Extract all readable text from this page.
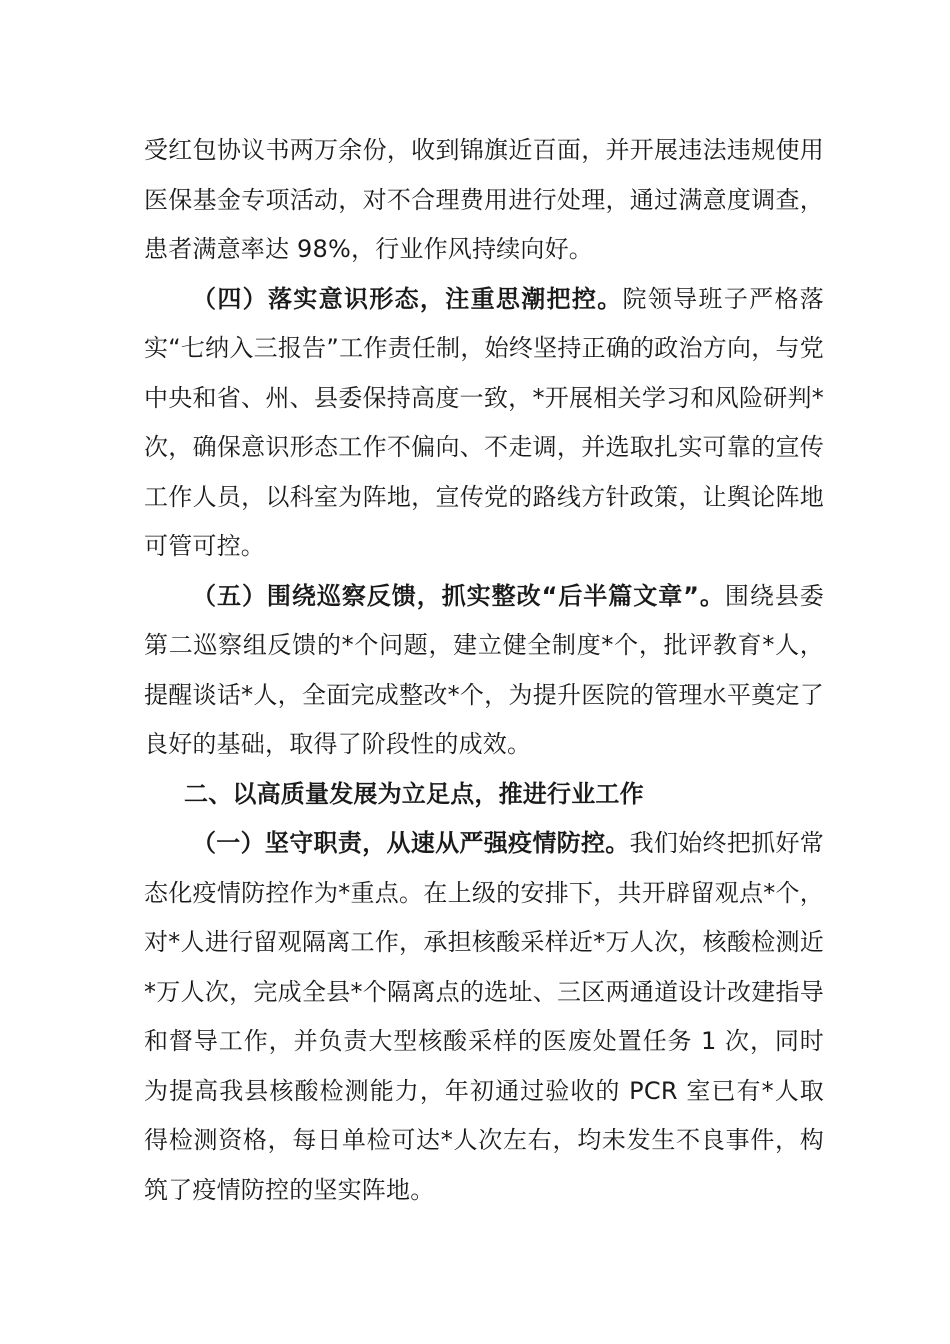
受红包协议书两万余份，收到锦旗近百面，并开展违法违规使用医保基金专项活动，对不合理费用进行处理，通过满意度调查，患者满意率达 98%，行业作风持续向好。

（四）落实意识形态，注重思潮把控。院领导班子严格落实“七纳入三报告”工作责任制，始终坚持正确的政治方向，与党中央和省、州、县委保持高度一致，*开展相关学习和风险研判*次，确保意识形态工作不偏向、不走调，并选取扎实可靠的宣传工作人员，以科室为阵地，宣传党的路线方针政策，让舆论阵地可管可控。

（五）围绕巡察反馈，抓实整改“后半篇文章”。围绕县委第二巡察组反馈的*个问题，建立健全制度*个，批评教育*人，提醒谈话*人，全面完成整改*个，为提升医院的管理水平奠定了良好的基础，取得了阶段性的成效。

二、以高质量发展为立足点，推进行业工作

（一）坚守职责，从速从严强疫情防控。我们始终把抓好常态化疫情防控作为*重点。在上级的安排下，共开辟留观点*个，对*人进行留观隔离工作，承担核酸采样近*万人次，核酸检测近*万人次，完成全县*个隔离点的选址、三区两通道设计改建指导和督导工作，并负责大型核酸采样的医废处置任务 1 次，同时为提高我县核酸检测能力，年初通过验收的 PCR 室已有*人取得检测资格，每日单检可达*人次左右，均未发生不良事件，构筑了疫情防控的坚实阵地。
